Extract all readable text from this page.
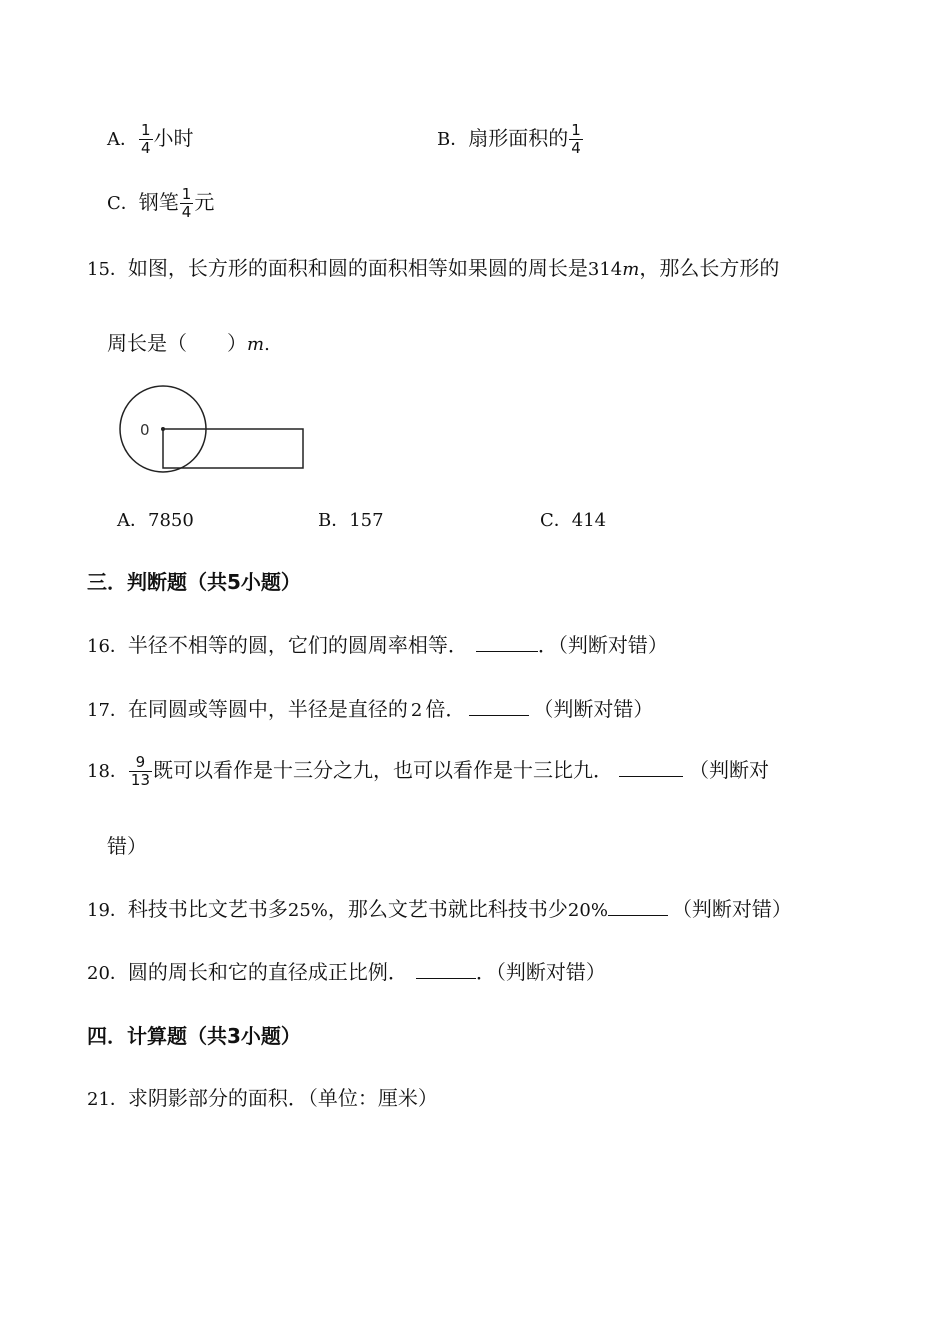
A． $\frac{1}{4}$ 小时	B．扇形面积的 $\frac{1}{4}$
C．钢笔 $\frac{1}{4}$ 元
15．如图，长方形的面积和圆的面积相等如果圆的周长是314m，那么长方形的
周长是（　　）m.
0
A．7850	B．157	C．414
三．判断题（共5小题）
16．半径不相等的圆，它们的圆周率相等．	．（判断对错）
17．在同圆或等圆中，半径是直径的 2 倍．	（判断对错）
18． $\frac{9}{13}$ 既可以看作是十三分之九，也可以看作是十三比九．	（判断对
错）
19．科技书比文艺书多25%，那么文艺书就比科技书少20%	（判断对错）
20．圆的周长和它的直径成正比例．	．（判断对错）
四．计算题（共3小题）
21．求阴影部分的面积．（单位：厘米）
